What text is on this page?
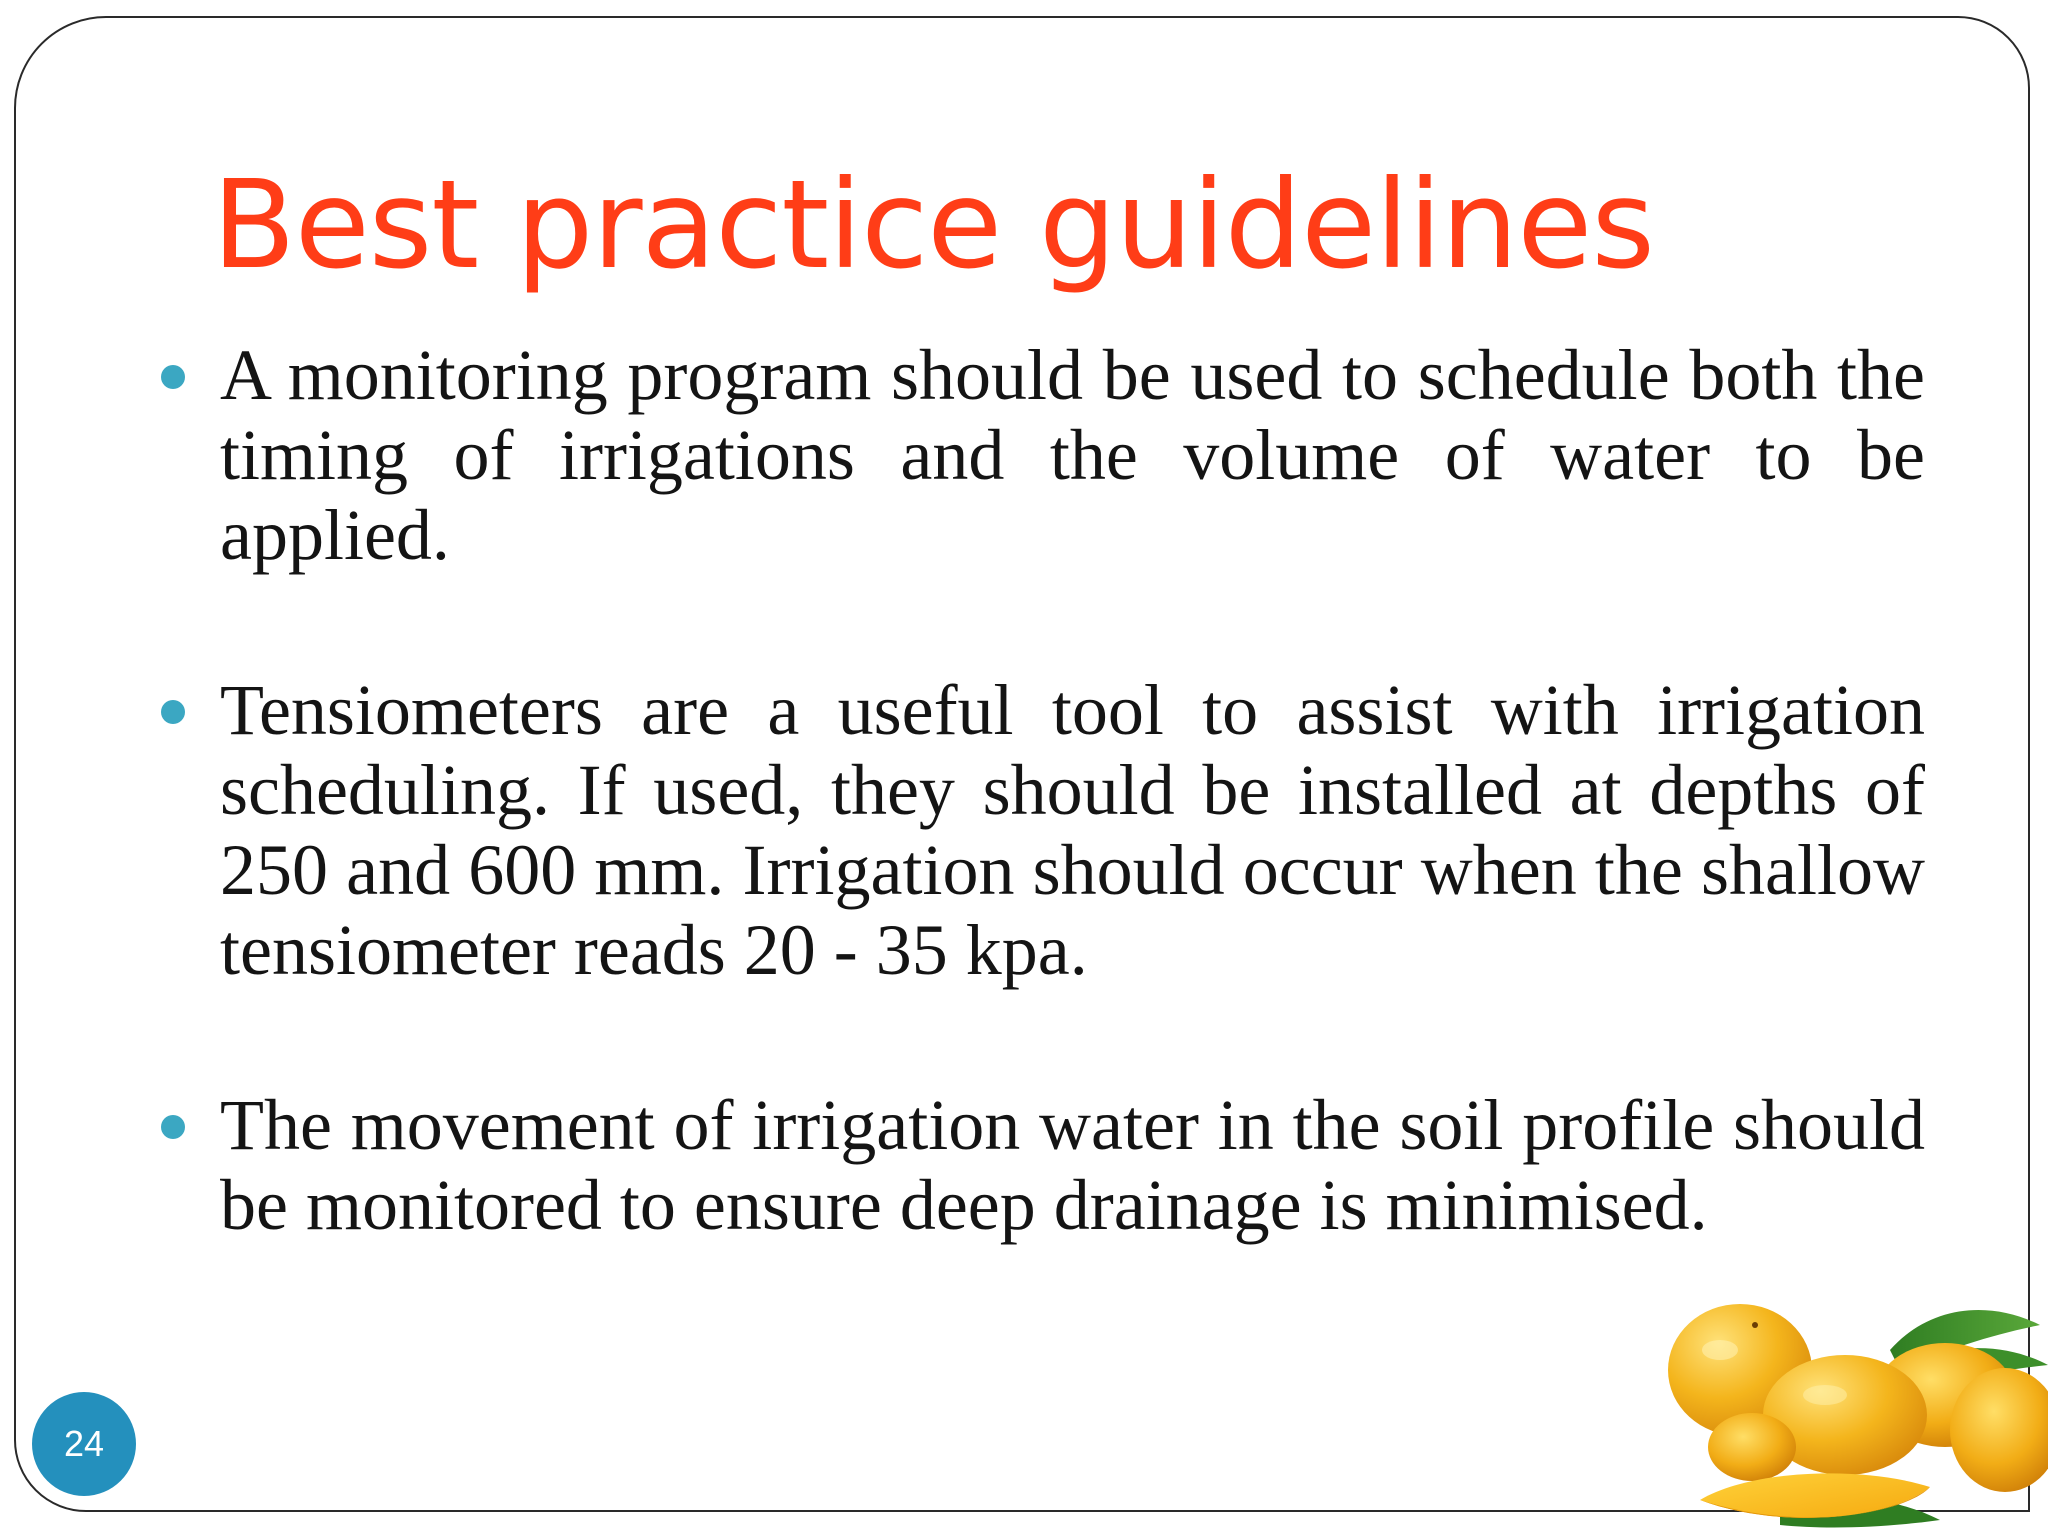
Best practice guidelines
A monitoring program should be used to schedule both the timing of irrigations and the volume of water to be applied.
Tensiometers are a useful tool to assist with irrigation scheduling. If used, they should be installed at depths of 250 and 600 mm. Irrigation should occur when the shallow tensiometer reads 20 - 35 kpa.
The movement of irrigation water in the soil profile should be monitored to ensure deep drainage is minimised.
24
